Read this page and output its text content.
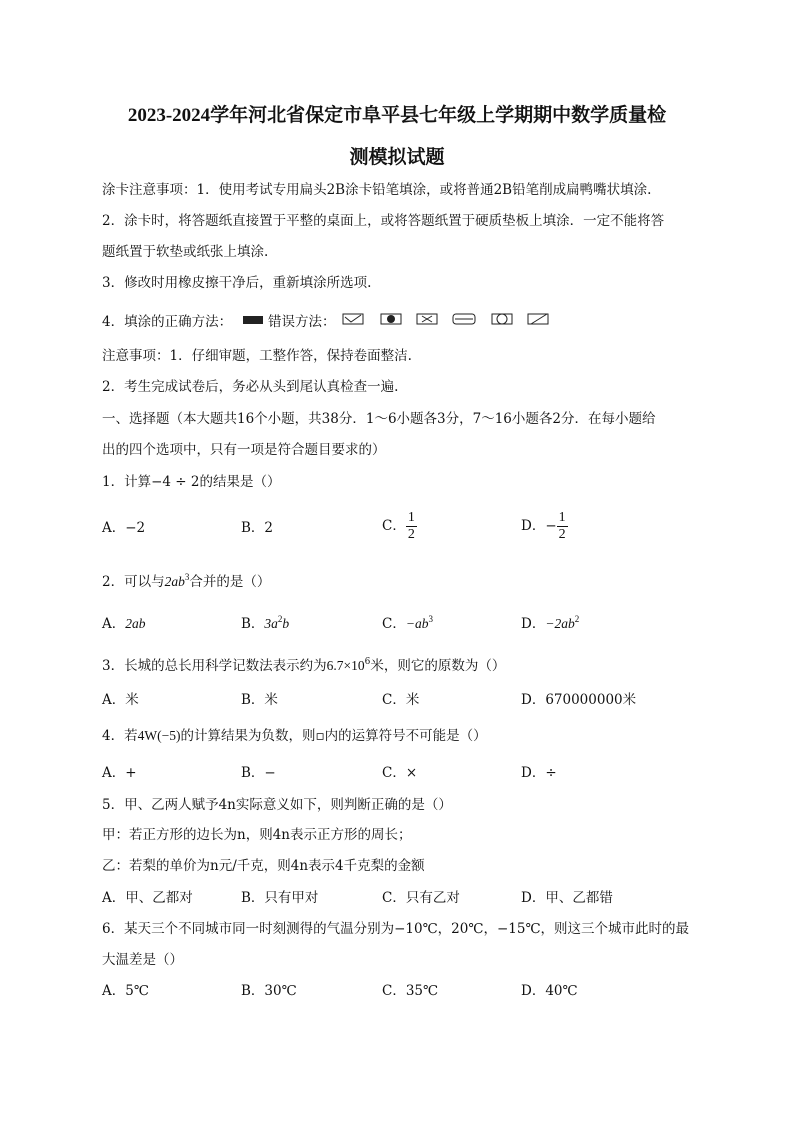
2023-2024学年河北省保定市阜平县七年级上学期期中数学质量检
测模拟试题
涂卡注意事项：1．使用考试专用扁头2B涂卡铅笔填涂，或将普通2B铅笔削成扁鸭嘴状填涂.
2．涂卡时，将答题纸直接置于平整的桌面上，或将答题纸置于硬质垫板上填涂．一定不能将答
题纸置于软垫或纸张上填涂.
3．修改时用橡皮擦干净后，重新填涂所选项.
4．填涂的正确方法：	错误方法：
注意事项：1．仔细审题，工整作答，保持卷面整洁.
2．考生完成试卷后，务必从头到尾认真检查一遍.
一、选择题（本大题共16个小题，共38分．1～6小题各3分，7～16小题各2分．在每小题给
出的四个选项中，只有一项是符合题目要求的）
1．计算−4 ÷ 2的结果是（）
A．−2	B．2	C． $\frac{1}{2}$	D．− $\frac{1}{2}$
2．可以与$2ab^3$合并的是（）
A．2ab	B．$3a^2b$	C．$-ab^3$	D．$-2ab^2$
3．长城的总长用科学记数法表示约为$6.7\times 10^6$米，则它的原数为（）
A．米	B．米	C．米	D．670000000米
4．若4W(−5)的计算结果为负数，则▫内的运算符号不可能是（）
A．+	B．−	C．×	D．÷
5．甲、乙两人赋予4n实际意义如下，则判断正确的是（）
甲：若正方形的边长为n，则4n表示正方形的周长；
乙：若梨的单价为n元/千克，则4n表示4千克梨的金额
A．甲、乙都对	B．只有甲对	C．只有乙对	D．甲、乙都错
6．某天三个不同城市同一时刻测得的气温分别为−10℃，20℃，−15℃，则这三个城市此时的最
大温差是（）
A．5℃	B．30℃	C．35℃	D．40℃
